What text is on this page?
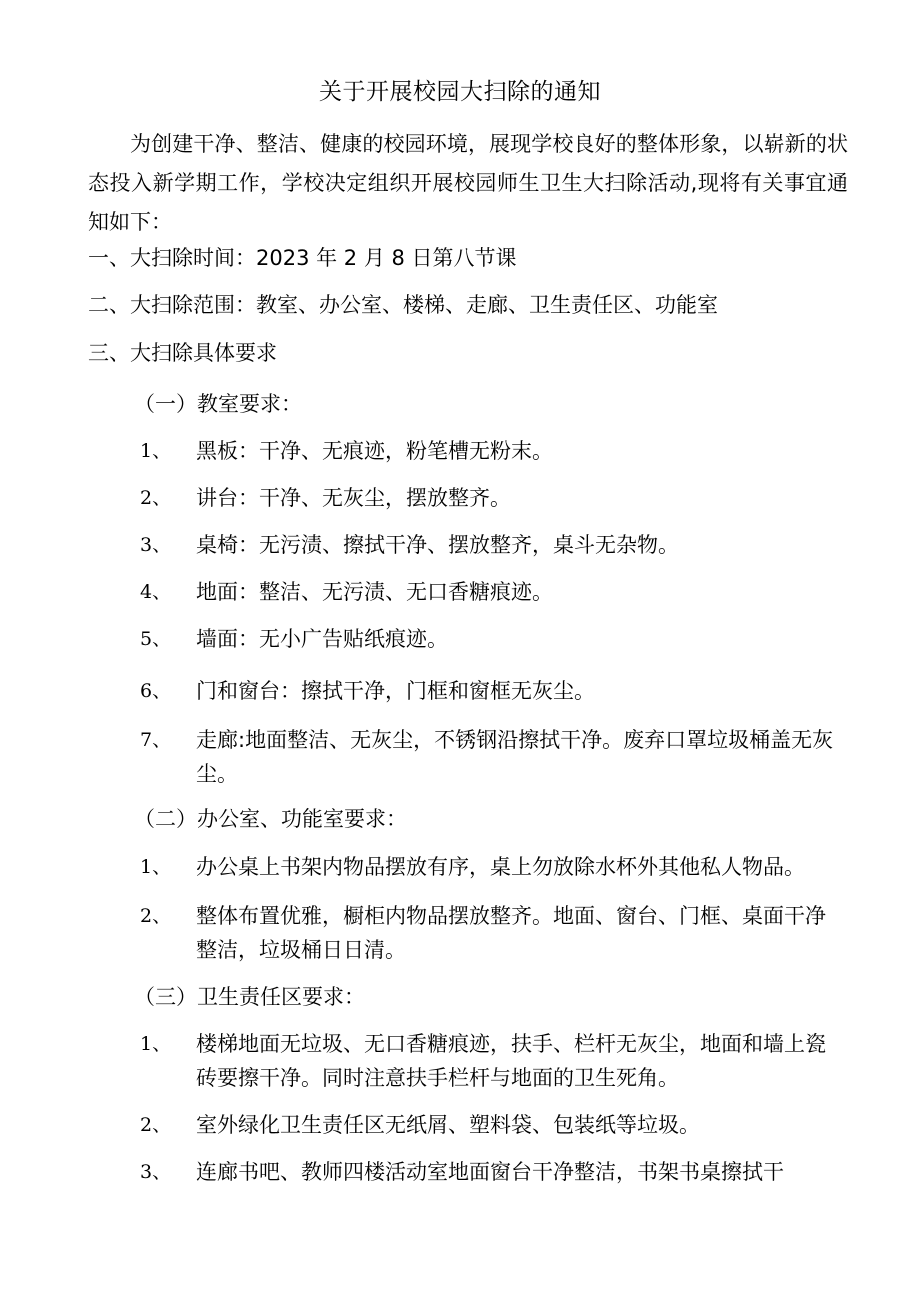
关于开展校园大扫除的通知

为创建干净、整洁、健康的校园环境，展现学校良好的整体形象，以崭新的状态投入新学期工作，学校决定组织开展校园师生卫生大扫除活动,现将有关事宜通知如下：

一、大扫除时间：2023 年 2 月 8 日第八节课
二、大扫除范围：教室、办公室、楼梯、走廊、卫生责任区、功能室
三、大扫除具体要求
（一）教室要求：
1、	黑板：干净、无痕迹，粉笔槽无粉末。
2、	讲台：干净、无灰尘，摆放整齐。
3、	桌椅：无污渍、擦拭干净、摆放整齐，桌斗无杂物。
4、	地面：整洁、无污渍、无口香糖痕迹。
5、	墙面：无小广告贴纸痕迹。
6、	门和窗台：擦拭干净，门框和窗框无灰尘。
7、	走廊:地面整洁、无灰尘，不锈钢沿擦拭干净。废弃口罩垃圾桶盖无灰尘。
（二）办公室、功能室要求：
1、	办公桌上书架内物品摆放有序，桌上勿放除水杯外其他私人物品。
2、	整体布置优雅，橱柜内物品摆放整齐。地面、窗台、门框、桌面干净整洁，垃圾桶日日清。
（三）卫生责任区要求：
1、	楼梯地面无垃圾、无口香糖痕迹，扶手、栏杆无灰尘，地面和墙上瓷砖要擦干净。同时注意扶手栏杆与地面的卫生死角。
2、	室外绿化卫生责任区无纸屑、塑料袋、包装纸等垃圾。
3、	连廊书吧、教师四楼活动室地面窗台干净整洁，书架书桌擦拭干
